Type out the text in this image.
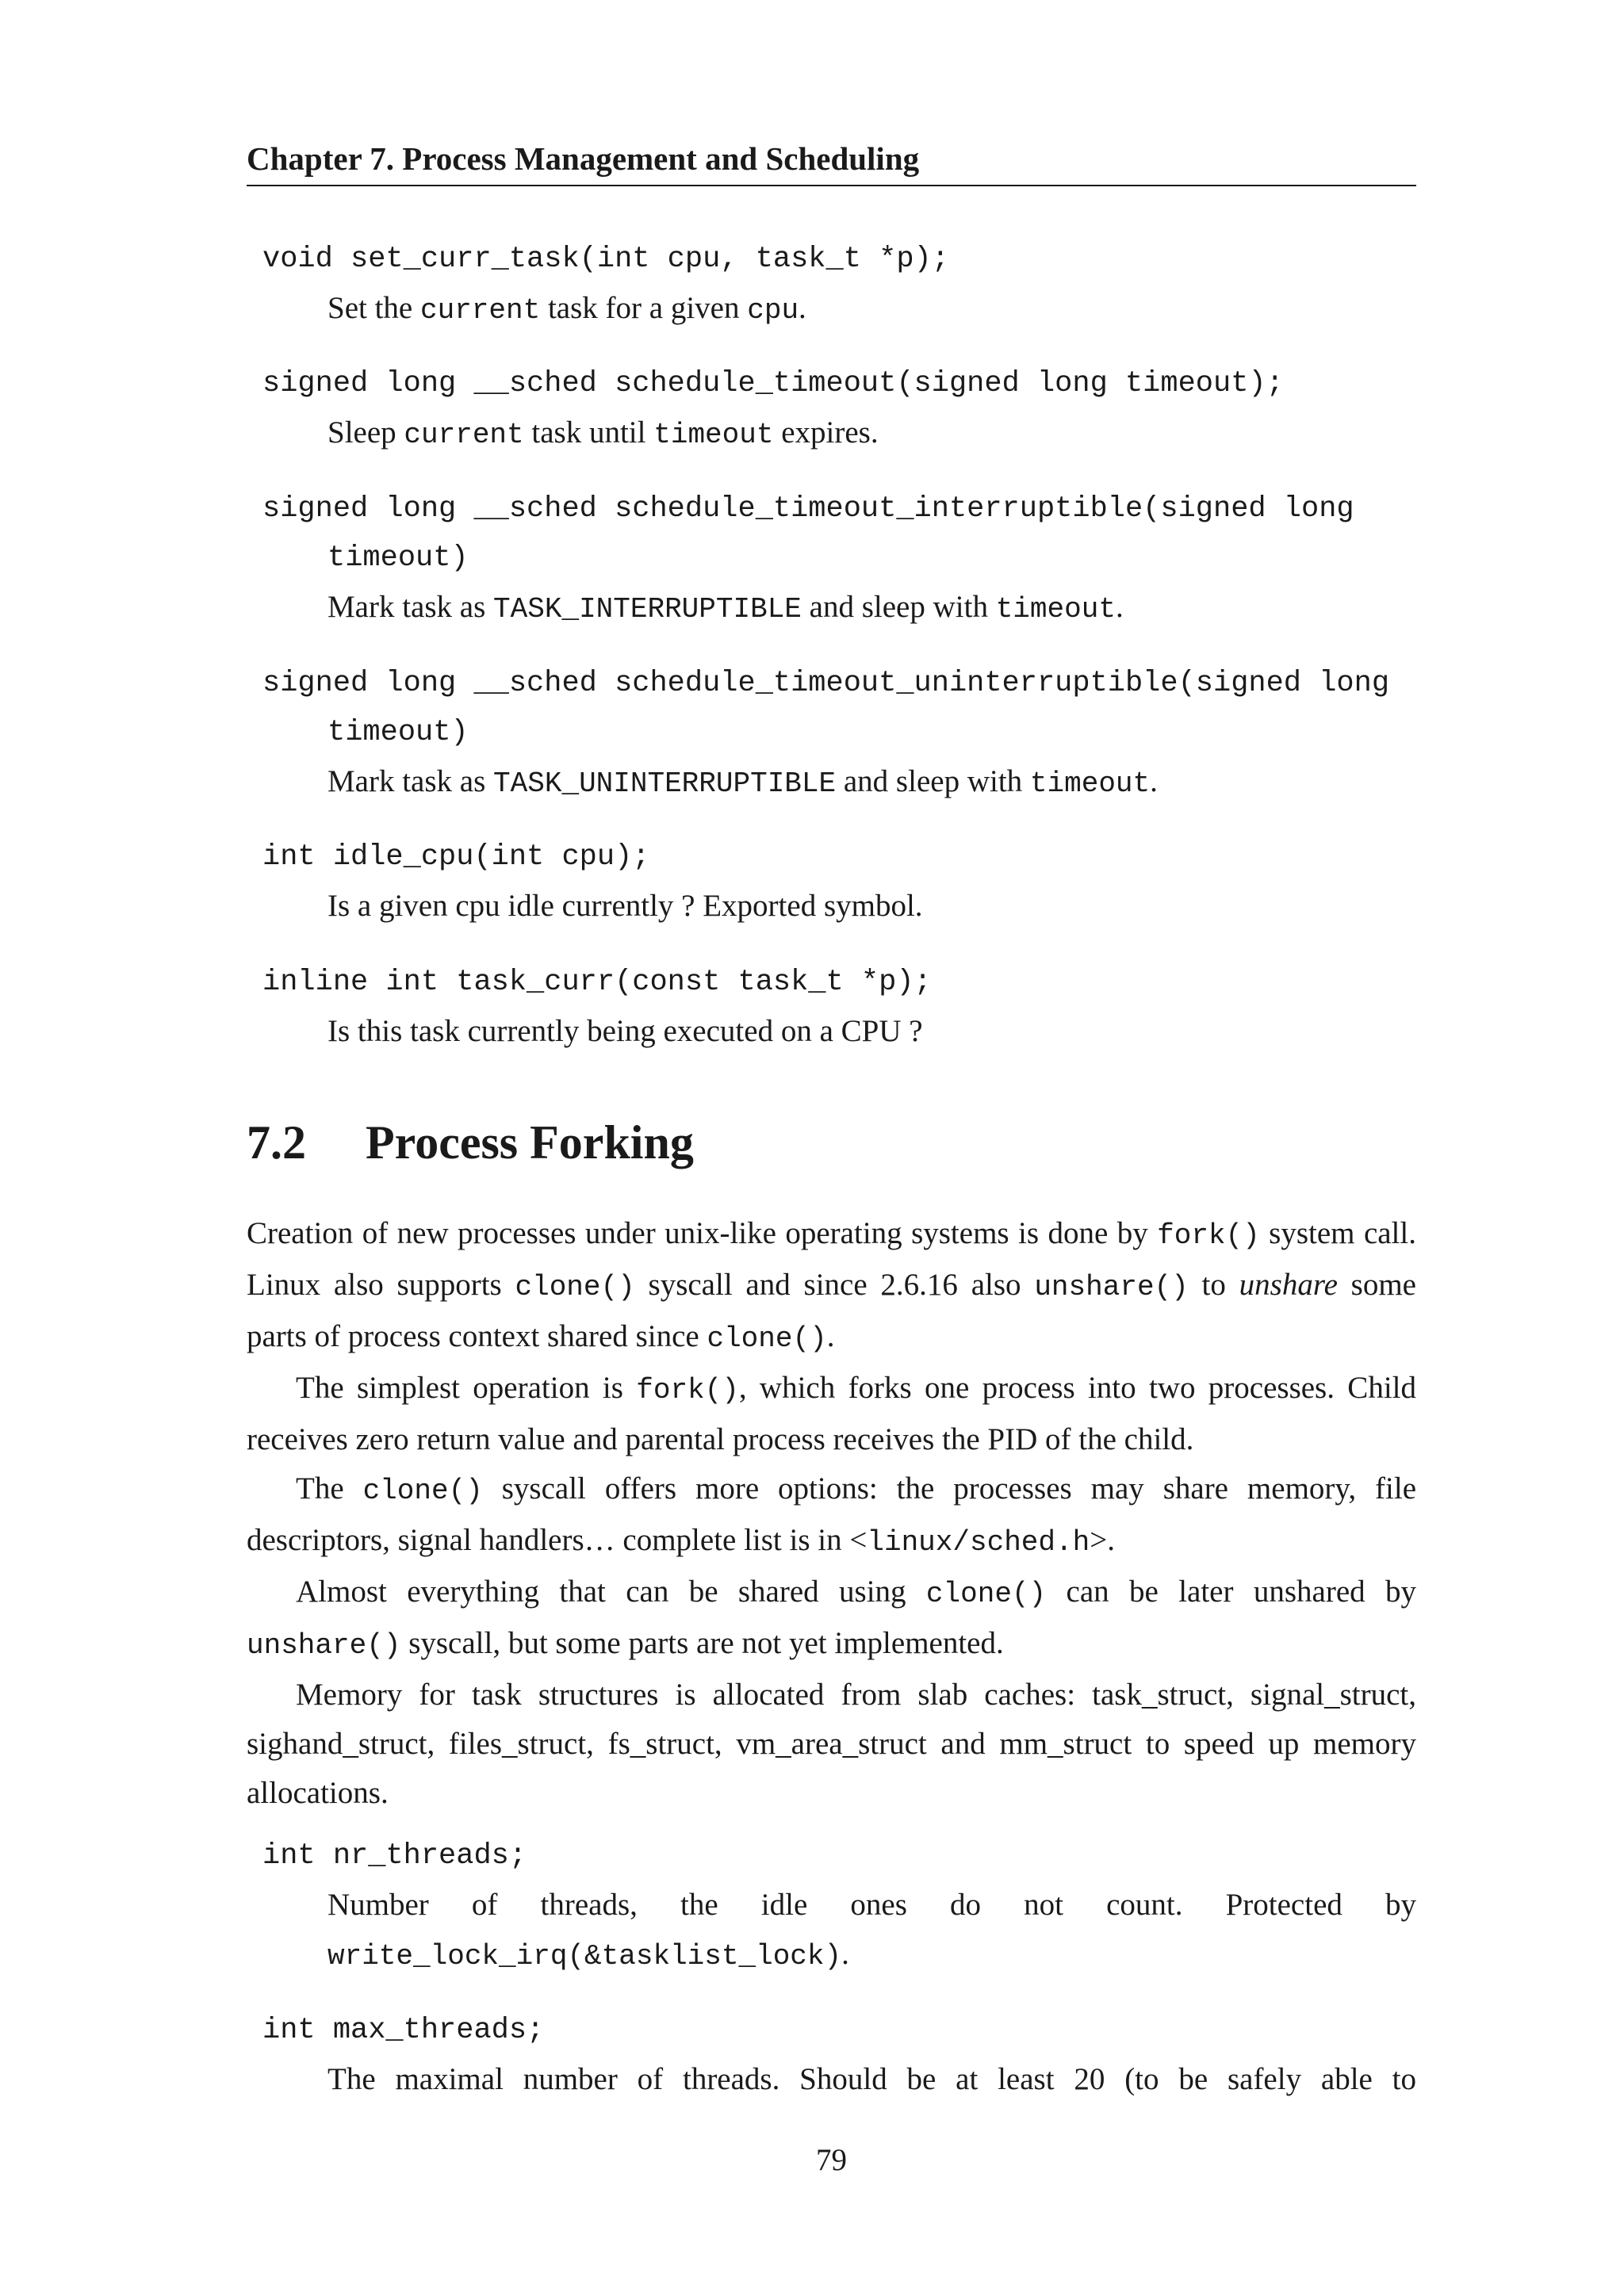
Chapter 7. Process Management and Scheduling
void set_curr_task(int cpu, task_t *p);
Set the current task for a given cpu.
signed long __sched schedule_timeout(signed long timeout);
Sleep current task until timeout expires.
signed long __sched schedule_timeout_interruptible(signed long
timeout)
Mark task as TASK_INTERRUPTIBLE and sleep with timeout.
signed long __sched schedule_timeout_uninterruptible(signed long
timeout)
Mark task as TASK_UNINTERRUPTIBLE and sleep with timeout.
int idle_cpu(int cpu);
Is a given cpu idle currently ? Exported symbol.
inline int task_curr(const task_t *p);
Is this task currently being executed on a CPU ?
7.2 Process Forking

Creation of new processes under unix-like operating systems is done by fork() system call. Linux also supports clone() syscall and since 2.6.16 also unshare() to unshare some parts of process context shared since clone().

The simplest operation is fork(), which forks one process into two processes. Child receives zero return value and parental process receives the PID of the child.

The clone() syscall offers more options: the processes may share memory, file descriptors, signal handlers… complete list is in <linux/sched.h>.

Almost everything that can be shared using clone() can be later unshared by unshare() syscall, but some parts are not yet implemented.

Memory for task structures is allocated from slab caches: task_struct, signal_struct, sighand_struct, files_struct, fs_struct, vm_area_struct and mm_struct to speed up memory allocations.

int nr_threads;
Number of threads, the idle ones do not count. Protected by
write_lock_irq(&tasklist_lock).
int max_threads;
The maximal number of threads. Should be at least 20 (to be safely able to
79
